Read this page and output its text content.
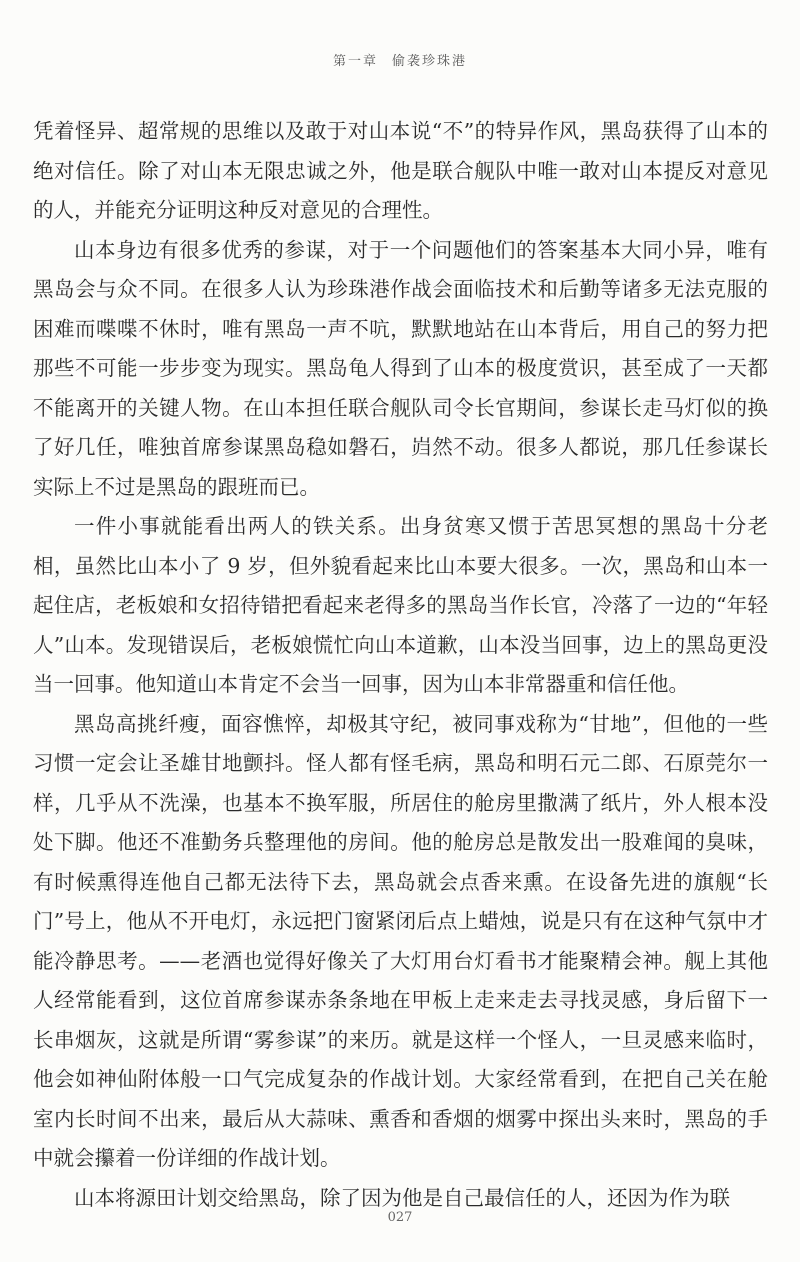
第一章 偷袭珍珠港

凭着怪异、超常规的思维以及敢于对山本说“不”的特异作风，黑岛获得了山本的绝对信任。除了对山本无限忠诚之外，他是联合舰队中唯一敢对山本提反对意见的人，并能充分证明这种反对意见的合理性。

山本身边有很多优秀的参谋，对于一个问题他们的答案基本大同小异，唯有黑岛会与众不同。在很多人认为珍珠港作战会面临技术和后勤等诸多无法克服的困难而喋喋不休时，唯有黑岛一声不吭，默默地站在山本背后，用自己的努力把那些不可能一步步变为现实。黑岛龟人得到了山本的极度赏识，甚至成了一天都不能离开的关键人物。在山本担任联合舰队司令长官期间，参谋长走马灯似的换了好几任，唯独首席参谋黑岛稳如磐石，岿然不动。很多人都说，那几任参谋长实际上不过是黑岛的跟班而已。

一件小事就能看出两人的铁关系。出身贫寒又惯于苦思冥想的黑岛十分老相，虽然比山本小了 9 岁，但外貌看起来比山本要大很多。一次，黑岛和山本一起住店，老板娘和女招待错把看起来老得多的黑岛当作长官，冷落了一边的“年轻人”山本。发现错误后，老板娘慌忙向山本道歉，山本没当回事，边上的黑岛更没当一回事。他知道山本肯定不会当一回事，因为山本非常器重和信任他。

黑岛高挑纤瘦，面容憔悴，却极其守纪，被同事戏称为“甘地”，但他的一些习惯一定会让圣雄甘地颤抖。怪人都有怪毛病，黑岛和明石元二郎、石原莞尔一样，几乎从不洗澡，也基本不换军服，所居住的舱房里撒满了纸片，外人根本没处下脚。他还不准勤务兵整理他的房间。他的舱房总是散发出一股难闻的臭味，有时候熏得连他自己都无法待下去，黑岛就会点香来熏。在设备先进的旗舰“长门”号上，他从不开电灯，永远把门窗紧闭后点上蜡烛，说是只有在这种气氛中才能冷静思考。——老酒也觉得好像关了大灯用台灯看书才能聚精会神。舰上其他人经常能看到，这位首席参谋赤条条地在甲板上走来走去寻找灵感，身后留下一长串烟灰，这就是所谓“雾参谋”的来历。就是这样一个怪人，一旦灵感来临时，他会如神仙附体般一口气完成复杂的作战计划。大家经常看到，在把自己关在舱室内长时间不出来，最后从大蒜味、熏香和香烟的烟雾中探出头来时，黑岛的手中就会攥着一份详细的作战计划。

山本将源田计划交给黑岛，除了因为他是自己最信任的人，还因为作为联

027
